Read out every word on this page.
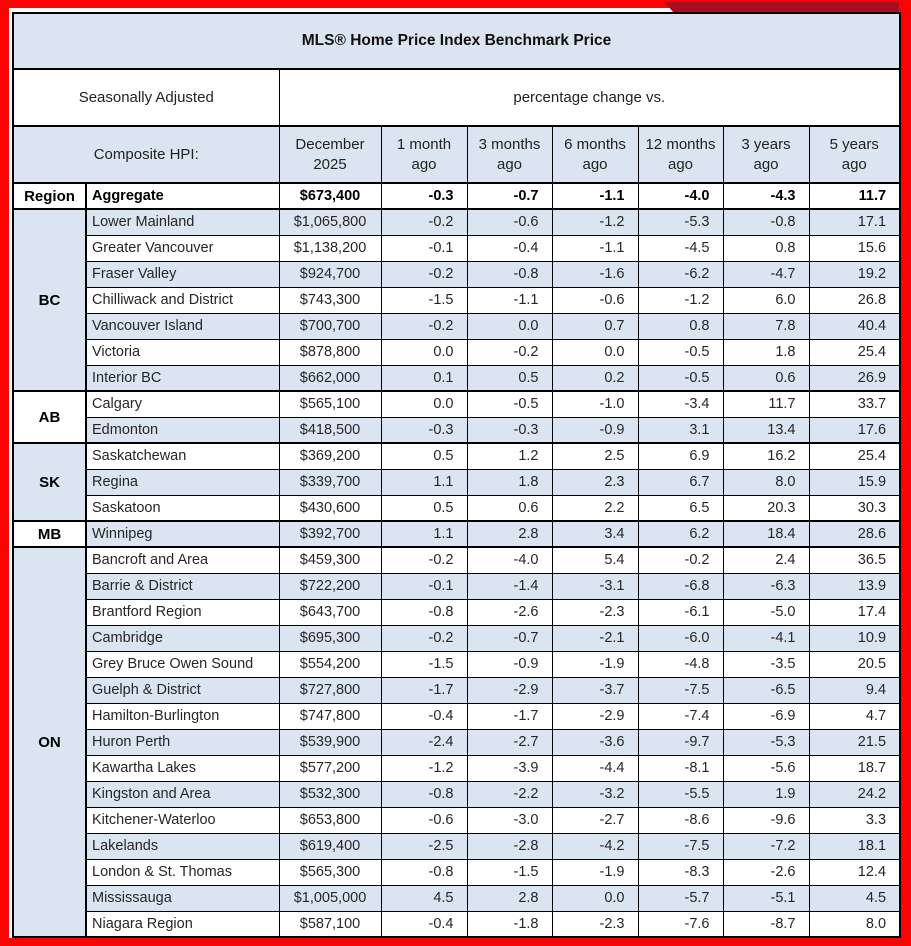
MLS® Home Price Index Benchmark Price								
Seasonally Adjusted		percentage change vs.						
Composite HPI:		December 2025	1 month ago	3 months ago	6 months ago	12 months ago	3 years ago	5 years ago
Region	Aggregate	$673,400	-0.3	-0.7	-1.1	-4.0	-4.3	11.7
BC	Lower Mainland	$1,065,800	-0.2	-0.6	-1.2	-5.3	-0.8	17.1
	Greater Vancouver	$1,138,200	-0.1	-0.4	-1.1	-4.5	0.8	15.6
	Fraser Valley	$924,700	-0.2	-0.8	-1.6	-6.2	-4.7	19.2
	Chilliwack and District	$743,300	-1.5	-1.1	-0.6	-1.2	6.0	26.8
	Vancouver Island	$700,700	-0.2	0.0	0.7	0.8	7.8	40.4
	Victoria	$878,800	0.0	-0.2	0.0	-0.5	1.8	25.4
	Interior BC	$662,000	0.1	0.5	0.2	-0.5	0.6	26.9
AB	Calgary	$565,100	0.0	-0.5	-1.0	-3.4	11.7	33.7
	Edmonton	$418,500	-0.3	-0.3	-0.9	3.1	13.4	17.6
SK	Saskatchewan	$369,200	0.5	1.2	2.5	6.9	16.2	25.4
	Regina	$339,700	1.1	1.8	2.3	6.7	8.0	15.9
	Saskatoon	$430,600	0.5	0.6	2.2	6.5	20.3	30.3
MB	Winnipeg	$392,700	1.1	2.8	3.4	6.2	18.4	28.6
ON	Bancroft and Area	$459,300	-0.2	-4.0	5.4	-0.2	2.4	36.5
	Barrie & District	$722,200	-0.1	-1.4	-3.1	-6.8	-6.3	13.9
	Brantford Region	$643,700	-0.8	-2.6	-2.3	-6.1	-5.0	17.4
	Cambridge	$695,300	-0.2	-0.7	-2.1	-6.0	-4.1	10.9
	Grey Bruce Owen Sound	$554,200	-1.5	-0.9	-1.9	-4.8	-3.5	20.5
	Guelph & District	$727,800	-1.7	-2.9	-3.7	-7.5	-6.5	9.4
	Hamilton-Burlington	$747,800	-0.4	-1.7	-2.9	-7.4	-6.9	4.7
	Huron Perth	$539,900	-2.4	-2.7	-3.6	-9.7	-5.3	21.5
	Kawartha Lakes	$577,200	-1.2	-3.9	-4.4	-8.1	-5.6	18.7
	Kingston and Area	$532,300	-0.8	-2.2	-3.2	-5.5	1.9	24.2
	Kitchener-Waterloo	$653,800	-0.6	-3.0	-2.7	-8.6	-9.6	3.3
	Lakelands	$619,400	-2.5	-2.8	-4.2	-7.5	-7.2	18.1
	London & St. Thomas	$565,300	-0.8	-1.5	-1.9	-8.3	-2.6	12.4
	Mississauga	$1,005,000	4.5	2.8	0.0	-5.7	-5.1	4.5
	Niagara Region	$587,100	-0.4	-1.8	-2.3	-7.6	-8.7	8.0
